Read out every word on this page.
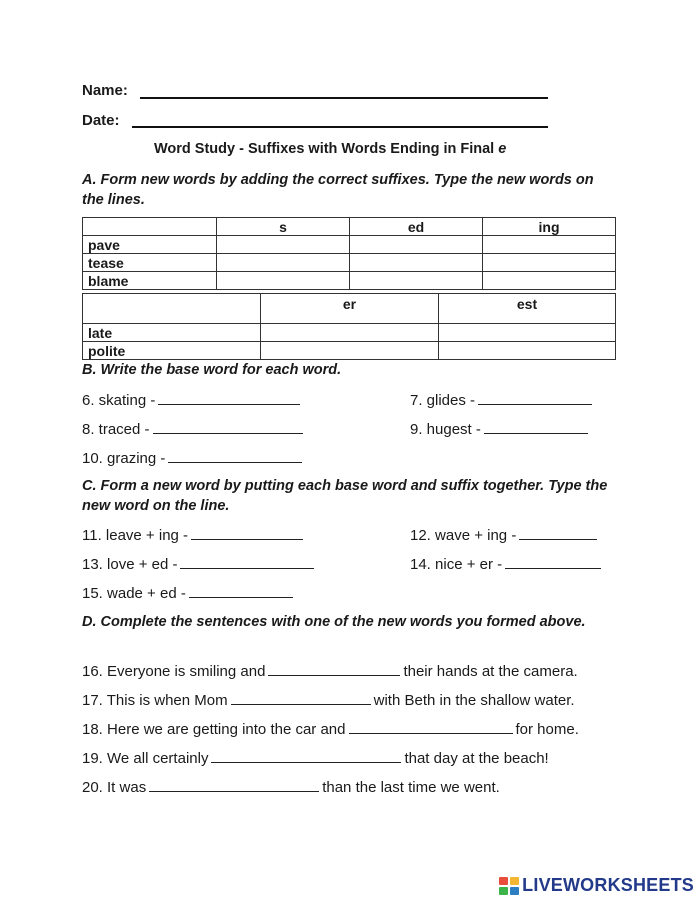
Name:
Date:
Word Study - Suffixes with Words Ending in Final e
A. Form new words by adding the correct suffixes. Type the new words on the lines.
	s	ed	ing
pave			
tease			
blame			
	er	est
late		
polite		
B. Write the base word for each word.
6. skating -	7. glides -
8. traced -	9. hugest -
10. grazing -
C. Form a new word by putting each base word and suffix together. Type the new word on the line.
11. leave + ing -	12. wave + ing -
13. love + ed -	14. nice + er -
15. wade + ed -
D. Complete the sentences with one of the new words you formed above.
16. Everyone is smiling and	their hands at the camera.
17. This is when Mom	with Beth in the shallow water.
18. Here we are getting into the car and	for home.
19. We all certainly	that day at the beach!
20. It was	than the last time we went.
LIVEWORKSHEETS
